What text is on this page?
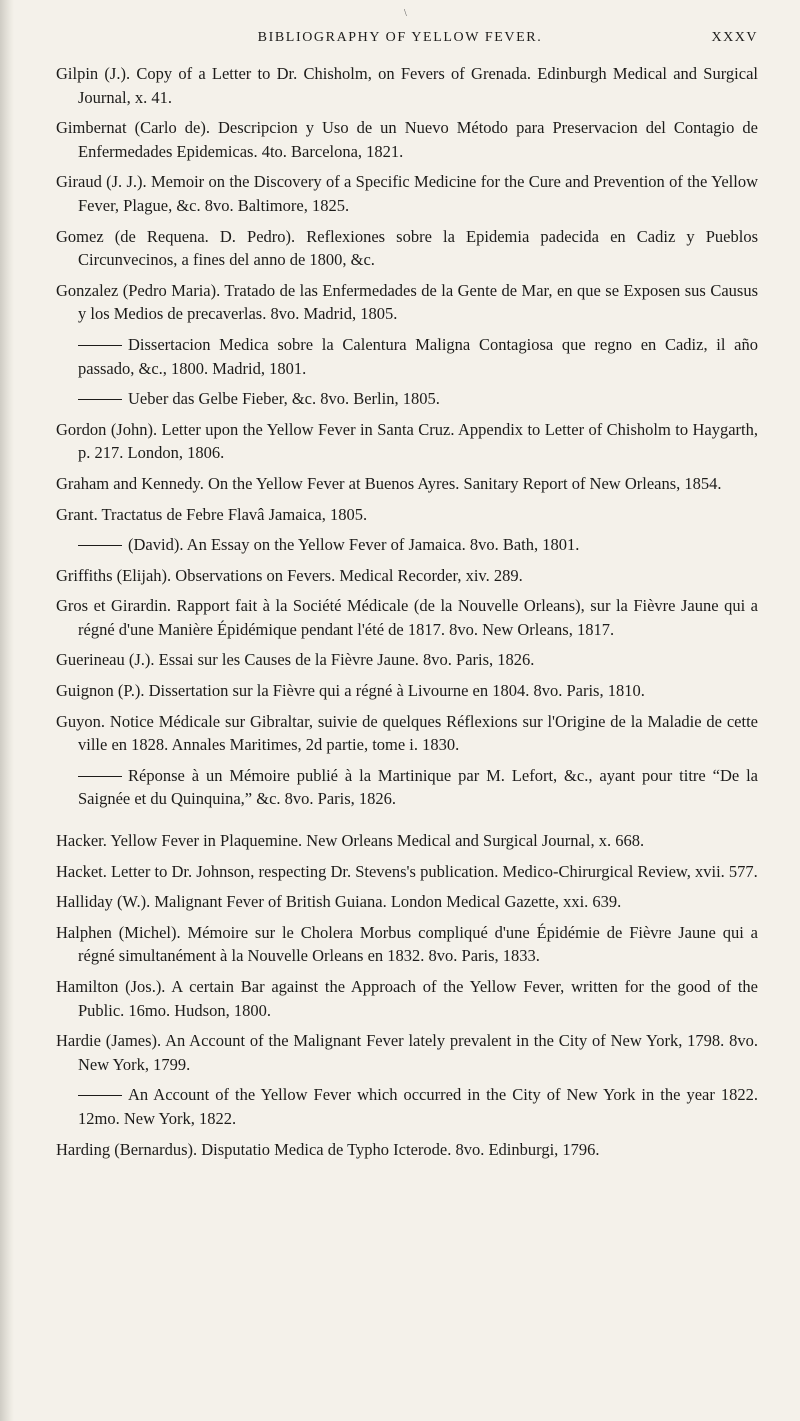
\
BIBLIOGRAPHY OF YELLOW FEVER.	XXXV

Gilpin (J.). Copy of a Letter to Dr. Chisholm, on Fevers of Grenada. Edinburgh Medical and Surgical Journal, x. 41.

Gimbernat (Carlo de). Descripcion y Uso de un Nuevo Método para Preservacion del Contagio de Enfermedades Epidemicas. 4to. Barcelona, 1821.

Giraud (J. J.). Memoir on the Discovery of a Specific Medicine for the Cure and Prevention of the Yellow Fever, Plague, &c. 8vo. Baltimore, 1825.

Gomez (de Requena. D. Pedro). Reflexiones sobre la Epidemia padecida en Cadiz y Pueblos Circunvecinos, a fines del anno de 1800, &c.

Gonzalez (Pedro Maria). Tratado de las Enfermedades de la Gente de Mar, en que se Exposen sus Causus y los Medios de precaverlas. 8vo. Madrid, 1805.

Dissertacion Medica sobre la Calentura Maligna Contagiosa que regno en Cadiz, il año passado, &c., 1800. Madrid, 1801.

Ueber das Gelbe Fieber, &c. 8vo. Berlin, 1805.

Gordon (John). Letter upon the Yellow Fever in Santa Cruz. Appendix to Letter of Chisholm to Haygarth, p. 217. London, 1806.

Graham and Kennedy. On the Yellow Fever at Buenos Ayres. Sanitary Report of New Orleans, 1854.

Grant. Tractatus de Febre Flavâ Jamaica, 1805.

(David). An Essay on the Yellow Fever of Jamaica. 8vo. Bath, 1801.

Griffiths (Elijah). Observations on Fevers. Medical Recorder, xiv. 289.

Gros et Girardin. Rapport fait à la Société Médicale (de la Nouvelle Orleans), sur la Fièvre Jaune qui a régné d'une Manière Épidémique pendant l'été de 1817. 8vo. New Orleans, 1817.

Guerineau (J.). Essai sur les Causes de la Fièvre Jaune. 8vo. Paris, 1826.

Guignon (P.). Dissertation sur la Fièvre qui a régné à Livourne en 1804. 8vo. Paris, 1810.

Guyon. Notice Médicale sur Gibraltar, suivie de quelques Réflexions sur l'Origine de la Maladie de cette ville en 1828. Annales Maritimes, 2d partie, tome i. 1830.

Réponse à un Mémoire publié à la Martinique par M. Lefort, &c., ayant pour titre “De la Saignée et du Quinquina,” &c. 8vo. Paris, 1826.

Hacker. Yellow Fever in Plaquemine. New Orleans Medical and Surgical Journal, x. 668.

Hacket. Letter to Dr. Johnson, respecting Dr. Stevens's publication. Medico-Chirurgical Review, xvii. 577.

Halliday (W.). Malignant Fever of British Guiana. London Medical Gazette, xxi. 639.

Halphen (Michel). Mémoire sur le Cholera Morbus compliqué d'une Épidémie de Fièvre Jaune qui a régné simultanément à la Nouvelle Orleans en 1832. 8vo. Paris, 1833.

Hamilton (Jos.). A certain Bar against the Approach of the Yellow Fever, written for the good of the Public. 16mo. Hudson, 1800.

Hardie (James). An Account of the Malignant Fever lately prevalent in the City of New York, 1798. 8vo. New York, 1799.

An Account of the Yellow Fever which occurred in the City of New York in the year 1822. 12mo. New York, 1822.

Harding (Bernardus). Disputatio Medica de Typho Icterode. 8vo. Edinburgi, 1796.
